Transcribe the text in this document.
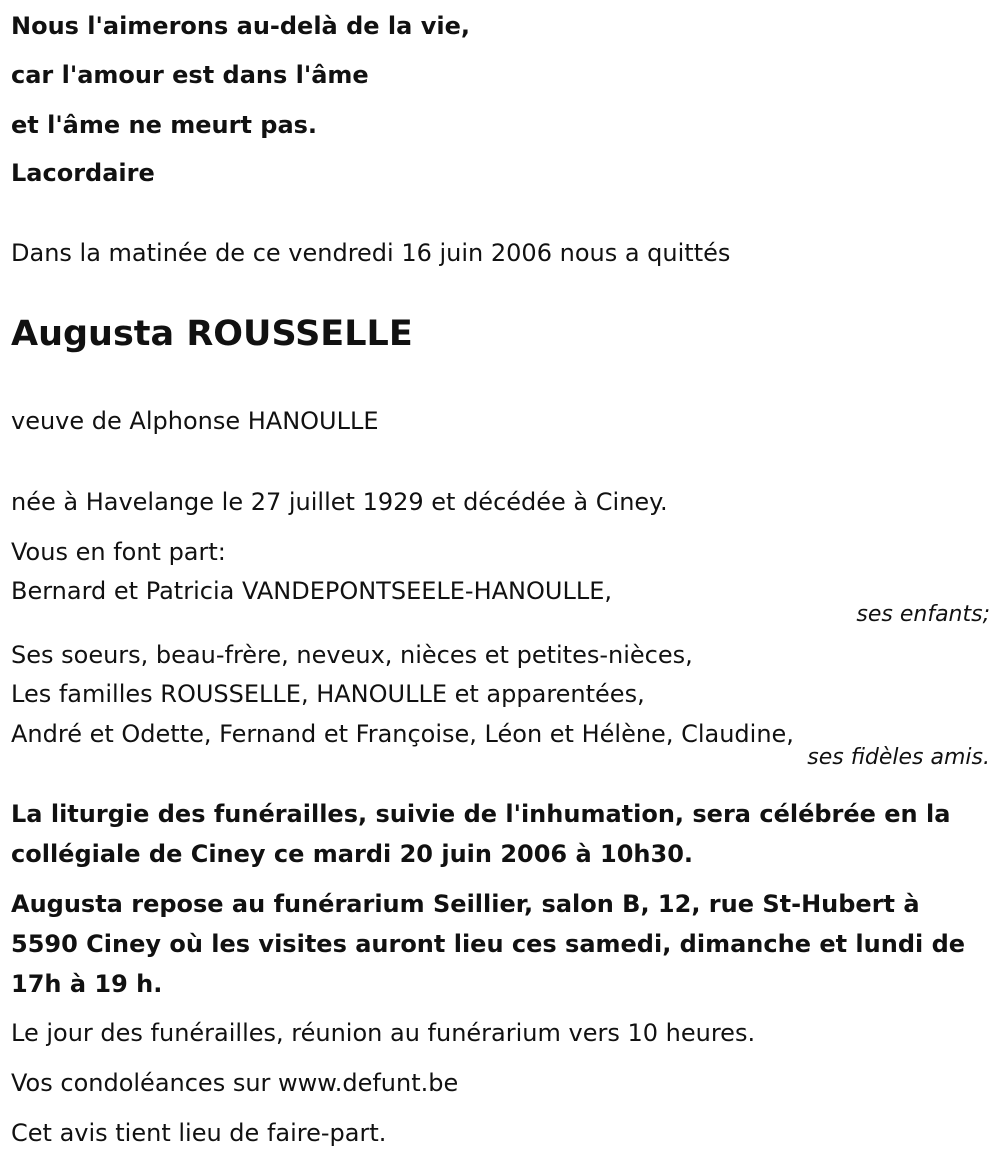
Nous l'aimerons au-delà de la vie,
car l'amour est dans l'âme
et l'âme ne meurt pas.
Lacordaire
Dans la matinée de ce vendredi 16 juin 2006 nous a quittés
Augusta ROUSSELLE
veuve de Alphonse HANOULLE
née à Havelange le 27 juillet 1929 et décédée à Ciney.
Vous en font part:
Bernard et Patricia VANDEPONTSEELE-HANOULLE,
ses enfants;
Ses soeurs, beau-frère, neveux, nièces et petites-nièces,
Les familles ROUSSELLE, HANOULLE et apparentées,
André et Odette, Fernand et Françoise, Léon et Hélène, Claudine,
ses fidèles amis.
La liturgie des funérailles, suivie de l'inhumation, sera célébrée en la collégiale de Ciney ce mardi 20 juin 2006 à 10h30.
Augusta repose au funérarium Seillier, salon B, 12, rue St-Hubert à 5590 Ciney où les visites auront lieu ces samedi, dimanche et lundi de 17h à 19 h.
Le jour des funérailles, réunion au funérarium vers 10 heures.
Vos condoléances sur www.defunt.be
Cet avis tient lieu de faire-part.
